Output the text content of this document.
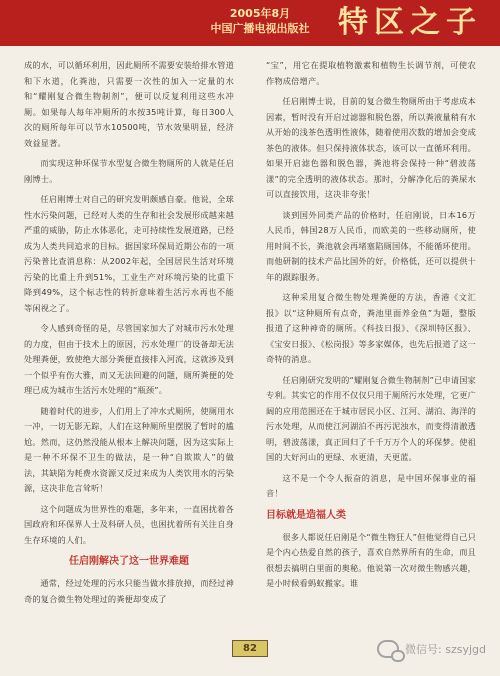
2005年8月
中国广播电视出版社 特区之子

成的水，可以循环利用，因此厕所不需要安装给排水管道和下水道，化粪池，只需要一次性的加入一定量的水和“耀刚复合微生物制剂”，便可以反复利用这些水冲厕。如果每人每年冲厕所的水按35吨计算，每日300人次的厕所每年可以节水10500吨，节水效果明显，经济效益显著。

而实现这种环保节水型复合微生物厕所的人就是任启刚博士。

任启刚博士对自己的研究发明颇感自豪。他说，全球性水污染问题，已经对人类的生存和社会发展形成越来越严重的威胁，防止水体恶化，走可持续性发展道路，已经成为人类共同追求的目标。据国家环保局近期公布的一项污染普比查消息称：从2002年起，全国居民生活对环境污染的比重上升到51%，工业生产对环境污染的比重下降到49%，这个标志性的转折意味着生活污水再也不能等闲视之了。

令人感到奇怪的是，尽管国家加大了对城市污水处理的力度，但由于技术上的原因，污水处理厂的设备却无法处理粪便，致使绝大部分粪便直接排入河流，这就涉及到一个似乎有伤大雅，而又无法回避的问题，厕所粪便的处理已成为城市生活污水处理的“瓶颈”。

随着时代的进步，人们用上了冲水式厕所，使厕用水一冲，一切无影无踪，人们在这种厕所里摆脱了暂时的尴尬。然而，这仍然没能从根本上解决问题，因为这实际上是一种不环保不卫生的做法，是一种“自欺欺人”的做法，其缺陷为耗费水资源又反过来成为人类饮用水的污染源，这决非危言耸听！

这个问题成为世界性的难题，多年来，一直困扰着各国政府和环保界人士及科研人员，也困扰着所有关注自身生存环境的人们。

任启刚解决了这一世界难题

通常，经过处理的污水只能当做水排放掉，而经过神奇的复合微生物处理过的粪便却变成了

“宝”，用它在提取植物激素和植物生长调节剂，可使农作物成倍增产。

任启刚博士说，目前的复合微生物厕所由于考虑成本因素，暂时没有开启过滤器和脱色器，所以粪液量稍有水从开始的浅茶色透明性液体，随着使用次数的增加会变成茶色的液体。但只保持液体状态，该可以一直循环利用。如果开启滤色器和脱色器，粪池将会保持一种“碧波荡漾”的完全透明的液体状态。那时，分解净化后的粪屎水可以直接饮用，这决非夸张！

谈到国外同类产品的价格时，任启刚说，日本16万人民币，韩国28万人民币，而欧美的一些移动厕所，使用时间不长，粪池就会再堵塞陷厕国体，不能循环使用。而他研制的技术产品比国外的好，价格低，还可以提供十年的跟踪服务。

这种采用复合微生物处理粪便的方法，香港《文汇报》以“这种厕所有点奇，粪池里面养金鱼”为题，整版报道了这种神奇的厕所。《科技日报》、《深圳特区报》、《宝安日报》、《松岗报》等多家媒体，也先后报道了这一奇特的消息。

任启刚研究发明的“耀刚复合微生物制剂”已申请国家专利。其实它的作用不仅仅只用于厕所污水处理，它更广阔的应用范围还在于城市居民小区、江河、湖泊、海洋的污水处理，从而使江河湖泊不再污泥浊水，而变得清澈透明，碧波荡漾，真正回归了千千万万个人的环保梦。使祖国的大好河山的更绿、水更清，天更蓝。

这不是一个令人振奋的消息，是中国环保事业的福音！

目标就是造福人类

很多人都说任启刚是个“微生物狂人”但他觉得自己只是个内心热爱自然的孩子，喜欢自然界所有的生命，而且很想去搞明白里面的奥秘。他说第一次对微生物感兴趣，是小时候看蚂蚁搬家。谁

82	微信号: szsyjgd
